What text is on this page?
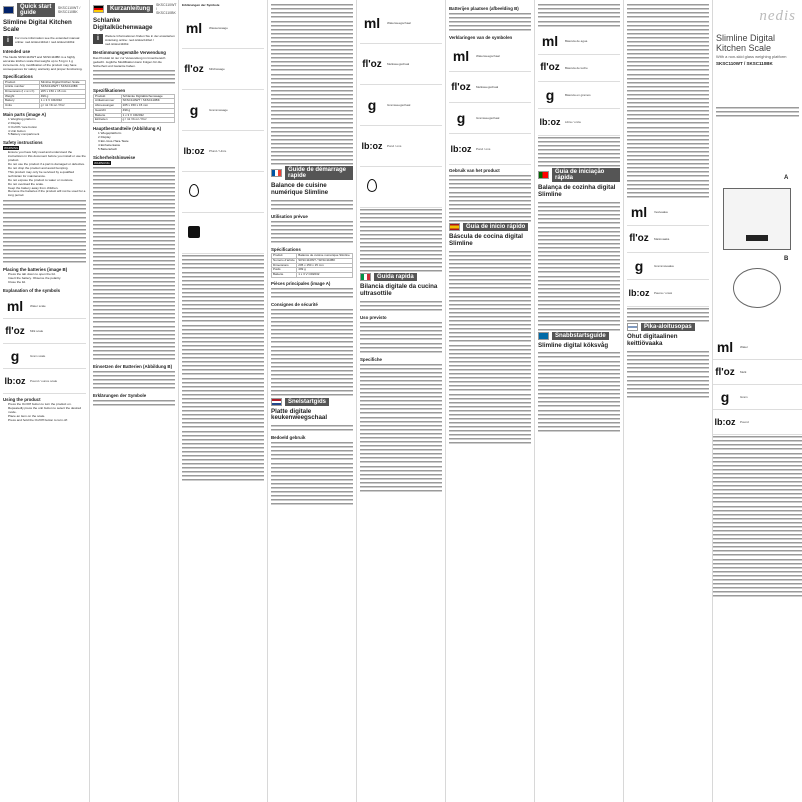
Quick start guide
SKSC110WT / SKSC110BK
Slimline Digital Kitchen Scale
i	For more information see the extended manual online: ned.is/sksc110wt / ned.is/sksc110bk

Intended use

The Nedis SKSC110WT and SKSC110BK is a highly accurate kitchen scale that weighs up to 5 kg in 1 g increments. Any modification of the product may have consequences for safety, warranty and proper functioning.

Specifications
Product	Slimline Digital Kitchen Scale
Article number	SKSC110WT / SKSC110BK
Dimensions (l x w x h)	205 x 150 x 15 mm
Weight	499 g
Battery	1 x 3 V CR2032
Units	g / ml / lb:oz / fl'oz
Main parts (image A)
• 1 Weighing platform
• 2 Display
• 3 On/Off / tare button
• 4 Unit button
• 5 Battery compartment
Safety instructions

WARNING

• Ensure you have fully read and understood the instructions in this document before you install or use the product.
• Do not use the product if a part is damaged or defective.
• Do not drop the product and avoid bumping.
• This product may only be serviced by a qualified technician for maintenance.
• Do not expose the product to water or moisture.
• Do not overload the scale.
• Keep the battery away from children.
• Remove the batteries if the product will not be used for a long period.
Placing the batteries (image B)
• Press the tab down to open the lid.
• Insert the battery. Observe the polarity.
• Close the lid.
Explanation of the symbols
ml	Water scale
fl'oz	Milk scale
g	Gram scale
lb:oz	Pound / ounce scale
Using the product
• Press the On/Off button to turn the product on.
• Repeatedly press the unit button to select the desired mode.
• Place an item on the scale.
• Press and hold the On/Off button to turn off.
Kurzanleitung
SKSC110WT / SKSC110BK
Schlanke Digitalküchenwaage
i	Weitere Informationen finden Sie in der erweiterten Anleitung online: ned.is/sksc110wt / ned.is/sksc110bk

Bestimmungsgemäße Verwendung

Das Produkt ist nur zur Verwendung im Innenbereich gedacht. Jegliche Modifikation kann Folgen für die Sicherheit und Garantie haben.

Spezifikationen
Produkt	Schlanke Digitalküchenwaage
Artikelnummer	SKSC110WT / SKSC110BK
Abmessungen	205 x 150 x 15 mm
Gewicht	499 g
Batterie	1 x 3 V CR2032
Einheiten	g / ml / lb:oz / fl'oz
Hauptbestandteile (Abbildung A)
• 1 Wiegeplattform
• 2 Display
• 3 Ein-/Aus-/Tara-Taste
• 4 Einheitentaste
• 5 Batteriefach
Sicherheitshinweise

WARNUNG

Einsetzen der Batterien (Abbildung B)
Erklärungen der Symbole

Erklärungen der Symbole

ml	Wasserwaage
fl'oz	Milchwaage
g	Grammwaage
lb:oz	Pfund / Unze
Guide de démarrage rapide
Balance de cuisine numérique Slimline
Utilisation prévue
Spécifications
Produit	Balance de cuisine numérique Slimline
Numéro d'article	SKSC110WT / SKSC110BK
Dimensions	205 x 150 x 15 mm
Poids	499 g
Batterie	1 x 3 V CR2032
Pièces principales (image A)
Consignes de sécurité
Snelstartgids
Platte digitale keukenweegschaal
Bedoeld gebruik
ml	Waterweegschaal
fl'oz	Melkweegschaal
g	Gramweegschaal
lb:oz	Pond / ons
Guida rapida
Bilancia digitale da cucina ultrasottile
Uso previsto
Specifiche
Batterijen plaatsen (afbeelding B)
Verklaringen van de symbolen
ml	Waterweegschaal
fl'oz	Melkweegschaal
g	Gramweegschaal
lb:oz	Pond / ons
Gebruik van het product
Guía de inicio rápido
Báscula de cocina digital Slimline
ml	Báscula de agua
fl'oz	Báscula de leche
g	Báscula en gramos
lb:oz	Libra / onza
Guia de iniciação rápida
Balança de cozinha digital Slimline
Snabbstartsguide
Slimline digital köksvåg
ml	Vesivaaka
fl'oz	Maitovaaka
g	Grammavaaka
lb:oz	Pauna / unssi
Pika-aloitusopas
Ohut digitaalinen keittiövaaka
nedis
Slimline Digital Kitchen Scale

With a non-skid glass weighing platform

SKSC110WT / SKSC110BK
A
B
ml	Water
fl'oz	Melk
g	Gram
lb:oz	Pound
